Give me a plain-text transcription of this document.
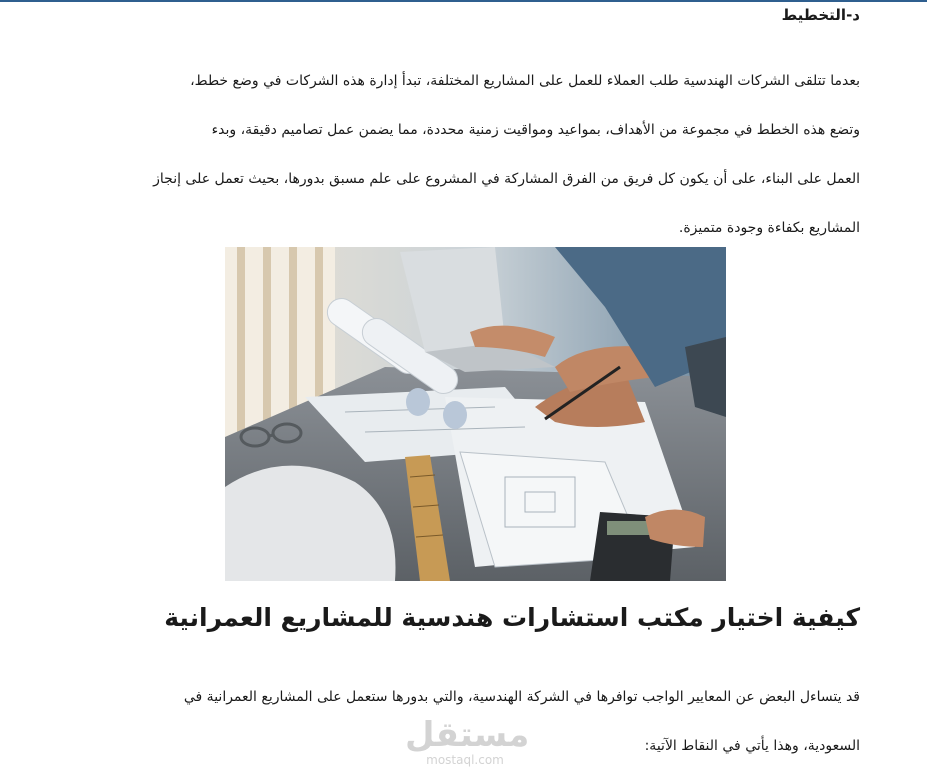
د-التخطيط
بعدما تتلقى الشركات الهندسية طلب العملاء للعمل على المشاريع المختلفة، تبدأ إدارة هذه الشركات في وضع خطط،
وتضع هذه الخطط في مجموعة من الأهداف، بمواعيد ومواقيت زمنية محددة، مما يضمن عمل تصاميم دقيقة، وبدء
العمل على البناء، على أن يكون كل فريق من الفرق المشاركة في المشروع على علم مسبق بدورها، بحيث تعمل على إنجاز
المشاريع بكفاءة وجودة متميزة.
كيفية اختيار مكتب استشارات هندسية للمشاريع العمرانية
قد يتساءل البعض عن المعايير الواجب توافرها في الشركة الهندسية، والتي بدورها ستعمل على المشاريع العمرانية في
السعودية، وهذا يأتي في النقاط الآتية:
مستقل
mostaql.com
